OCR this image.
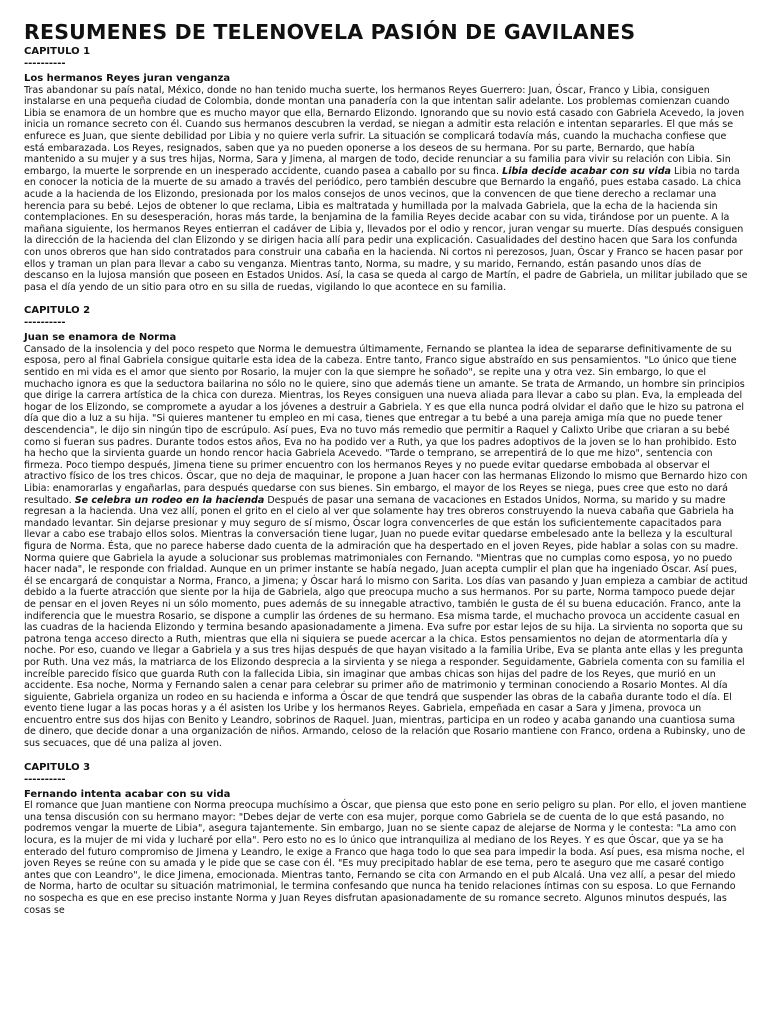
RESUMENES DE TELENOVELA PASIÓN DE GAVILANES

CAPITULO 1

----------

Los hermanos Reyes juran venganza

Tras abandonar su país natal, México, donde no han tenido mucha suerte, los hermanos Reyes Guerrero: Juan, Óscar, Franco y Libia, consiguen instalarse en una pequeña ciudad de Colombia, donde montan una panadería con la que intentan salir adelante. Los problemas comienzan cuando Libia se enamora de un hombre que es mucho mayor que ella, Bernardo Elizondo. Ignorando que su novio está casado con Gabriela Acevedo, la joven inicia un romance secreto con él. Cuando sus hermanos descubren la verdad, se niegan a admitir esta relación e intentan separarles. El que más se enfurece es Juan, que siente debilidad por Libia y no quiere verla sufrir. La situación se complicará todavía más, cuando la muchacha confiese que está embarazada. Los Reyes, resignados, saben que ya no pueden oponerse a los deseos de su hermana. Por su parte, Bernardo, que había mantenido a su mujer y a sus tres hijas, Norma, Sara y Jimena, al margen de todo, decide renunciar a su familia para vivir su relación con Libia. Sin embargo, la muerte le sorprende en un inesperado accidente, cuando pasea a caballo por su finca. Libia decide acabar con su vida Libia no tarda en conocer la noticia de la muerte de su amado a través del periódico, pero también descubre que Bernardo la engañó, pues estaba casado. La chica acude a la hacienda de los Elizondo, presionada por los malos consejos de unos vecinos, que la convencen de que tiene derecho a reclamar una herencia para su bebé. Lejos de obtener lo que reclama, Libia es maltratada y humillada por la malvada Gabriela, que la echa de la hacienda sin contemplaciones. En su desesperación, horas más tarde, la benjamina de la familia Reyes decide acabar con su vida, tirándose por un puente. A la mañana siguiente, los hermanos Reyes entierran el cadáver de Libia y, llevados por el odio y rencor, juran vengar su muerte. Días después consiguen la dirección de la hacienda del clan Elizondo y se dirigen hacia allí para pedir una explicación. Casualidades del destino hacen que Sara los confunda con unos obreros que han sido contratados para construir una cabaña en la hacienda. Ni cortos ni perezosos, Juan, Óscar y Franco se hacen pasar por ellos y traman un plan para llevar a cabo su venganza. Mientras tanto, Norma, su madre, y su marido, Fernando, están pasando unos días de descanso en la lujosa mansión que poseen en Estados Unidos. Así, la casa se queda al cargo de Martín, el padre de Gabriela, un militar jubilado que se pasa el día yendo de un sitio para otro en su silla de ruedas, vigilando lo que acontece en su familia.

CAPITULO 2

----------

Juan se enamora de Norma

Cansado de la insolencia y del poco respeto que Norma le demuestra últimamente, Fernando se plantea la idea de separarse definitivamente de su esposa, pero al final Gabriela consigue quitarle esta idea de la cabeza. Entre tanto, Franco sigue abstraído en sus pensamientos. "Lo único que tiene sentido en mi vida es el amor que siento por Rosario, la mujer con la que siempre he soñado", se repite una y otra vez. Sin embargo, lo que el muchacho ignora es que la seductora bailarina no sólo no le quiere, sino que además tiene un amante. Se trata de Armando, un hombre sin principios que dirige la carrera artística de la chica con dureza. Mientras, los Reyes consiguen una nueva aliada para llevar a cabo su plan. Eva, la empleada del hogar de los Elizondo, se compromete a ayudar a los jóvenes a destruir a Gabriela. Y es que ella nunca podrá olvidar el daño que le hizo su patrona el día que dio a luz a su hija. "Si quieres mantener tu empleo en mi casa, tienes que entregar a tu bebé a una pareja amiga mía que no puede tener descendencia", le dijo sin ningún tipo de escrúpulo. Así pues, Eva no tuvo más remedio que permitir a Raquel y Calixto Uribe que criaran a su bebé como si fueran sus padres. Durante todos estos años, Eva no ha podido ver a Ruth, ya que los padres adoptivos de la joven se lo han prohibido. Esto ha hecho que la sirvienta guarde un hondo rencor hacia Gabriela Acevedo. "Tarde o temprano, se arrepentirá de lo que me hizo", sentencia con firmeza. Poco tiempo después, Jimena tiene su primer encuentro con los hermanos Reyes y no puede evitar quedarse embobada al observar el atractivo físico de los tres chicos. Óscar, que no deja de maquinar, le propone a Juan hacer con las hermanas Elizondo lo mismo que Bernardo hizo con Libia: enamorarlas y engañarlas, para después quedarse con sus bienes. Sin embargo, el mayor de los Reyes se niega, pues cree que esto no dará resultado. Se celebra un rodeo en la hacienda Después de pasar una semana de vacaciones en Estados Unidos, Norma, su marido y su madre regresan a la hacienda. Una vez allí, ponen el grito en el cielo al ver que solamente hay tres obreros construyendo la nueva cabaña que Gabriela ha mandado levantar. Sin dejarse presionar y muy seguro de sí mismo, Óscar logra convencerles de que están los suficientemente capacitados para llevar a cabo ese trabajo ellos solos. Mientras la conversación tiene lugar, Juan no puede evitar quedarse embelesado ante la belleza y la escultural figura de Norma. Ésta, que no parece haberse dado cuenta de la admiración que ha despertado en el joven Reyes, pide hablar a solas con su madre. Norma quiere que Gabriela la ayude a solucionar sus problemas matrimoniales con Fernando. "Mientras que no cumplas como esposa, yo no puedo hacer nada", le responde con frialdad. Aunque en un primer instante se había negado, Juan acepta cumplir el plan que ha ingeniado Óscar. Así pues, él se encargará de conquistar a Norma, Franco, a Jimena; y Óscar hará lo mismo con Sarita. Los días van pasando y Juan empieza a cambiar de actitud debido a la fuerte atracción que siente por la hija de Gabriela, algo que preocupa mucho a sus hermanos. Por su parte, Norma tampoco puede dejar de pensar en el joven Reyes ni un sólo momento, pues además de su innegable atractivo, también le gusta de él su buena educación. Franco, ante la indiferencia que le muestra Rosario, se dispone a cumplir las órdenes de su hermano. Esa misma tarde, el muchacho provoca un accidente casual en las cuadras de la hacienda Elizondo y termina besando apasionadamente a Jimena. Eva sufre por estar lejos de su hija. La sirvienta no soporta que su patrona tenga acceso directo a Ruth, mientras que ella ni siquiera se puede acercar a la chica. Estos pensamientos no dejan de atormentarla día y noche. Por eso, cuando ve llegar a Gabriela y a sus tres hijas después de que hayan visitado a la familia Uribe, Eva se planta ante ellas y les pregunta por Ruth. Una vez más, la matriarca de los Elizondo desprecia a la sirvienta y se niega a responder. Seguidamente, Gabriela comenta con su familia el increíble parecido físico que guarda Ruth con la fallecida Libia, sin imaginar que ambas chicas son hijas del padre de los Reyes, que murió en un accidente. Esa noche, Norma y Fernando salen a cenar para celebrar su primer año de matrimonio y terminan conociendo a Rosario Montes. Al día siguiente, Gabriela organiza un rodeo en su hacienda e informa a Óscar de que tendrá que suspender las obras de la cabaña durante todo el día. El evento tiene lugar a las pocas horas y a él asisten los Uribe y los hermanos Reyes. Gabriela, empeñada en casar a Sara y Jimena, provoca un encuentro entre sus dos hijas con Benito y Leandro, sobrinos de Raquel. Juan, mientras, participa en un rodeo y acaba ganando una cuantiosa suma de dinero, que decide donar a una organización de niños. Armando, celoso de la relación que Rosario mantiene con Franco, ordena a Rubinsky, uno de sus secuaces, que dé una paliza al joven.

CAPITULO 3

----------

Fernando intenta acabar con su vida

El romance que Juan mantiene con Norma preocupa muchísimo a Óscar, que piensa que esto pone en serio peligro su plan. Por ello, el joven mantiene una tensa discusión con su hermano mayor: "Debes dejar de verte con esa mujer, porque como Gabriela se de cuenta de lo que está pasando, no podremos vengar la muerte de Libia", asegura tajantemente. Sin embargo, Juan no se siente capaz de alejarse de Norma y le contesta: "La amo con locura, es la mujer de mi vida y lucharé por ella". Pero esto no es lo único que intranquiliza al mediano de los Reyes. Y es que Óscar, que ya se ha enterado del futuro compromiso de Jimena y Leandro, le exige a Franco que haga todo lo que sea para impedir la boda. Así pues, esa misma noche, el joven Reyes se reúne con su amada y le pide que se case con él. "Es muy precipitado hablar de ese tema, pero te aseguro que me casaré contigo antes que con Leandro", le dice Jimena, emocionada. Mientras tanto, Fernando se cita con Armando en el pub Alcalá. Una vez allí, a pesar del miedo de Norma, harto de ocultar su situación matrimonial, le termina confesando que nunca ha tenido relaciones íntimas con su esposa. Lo que Fernando no sospecha es que en ese preciso instante Norma y Juan Reyes disfrutan apasionadamente de su romance secreto. Algunos minutos después, las cosas se
